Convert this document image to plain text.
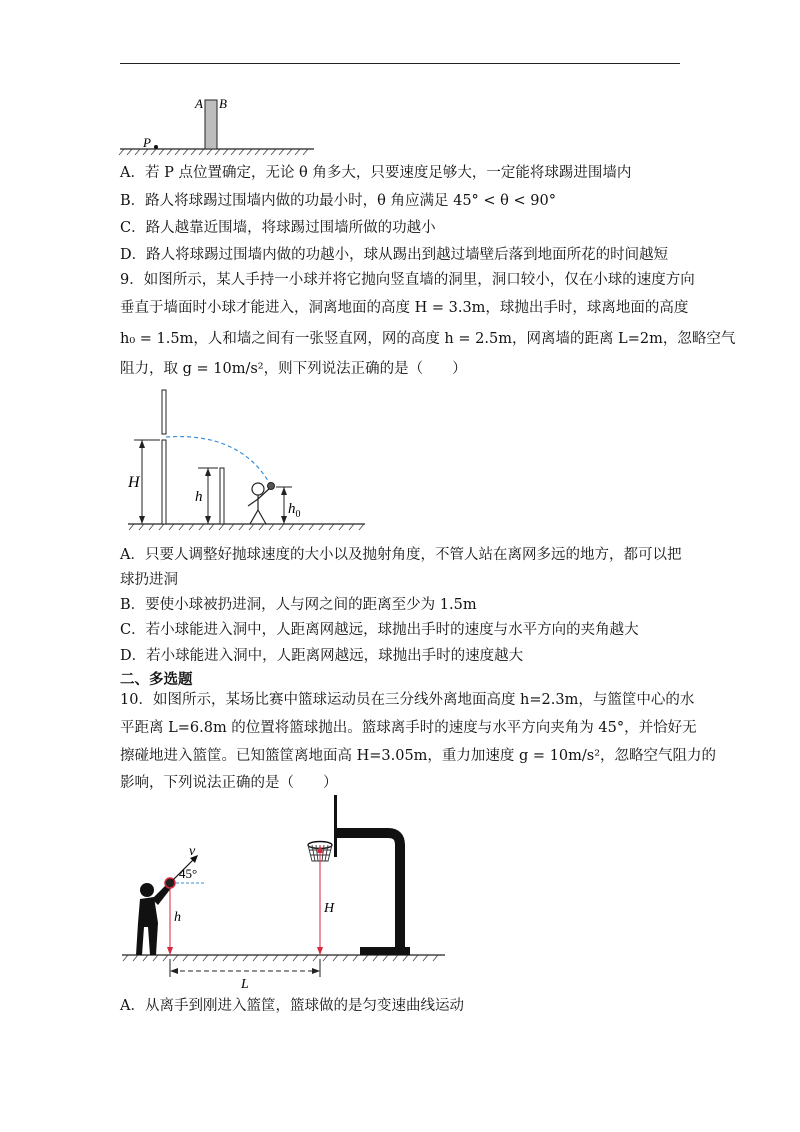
A B
P
A．若 P 点位置确定，无论 θ 角多大，只要速度足够大，一定能将球踢进围墙内
B．路人将球踢过围墙内做的功最小时，θ 角应满足 45° < θ < 90°
C．路人越靠近围墙，将球踢过围墙所做的功越小
D．路人将球踢过围墙内做的功越小，球从踢出到越过墙壁后落到地面所花的时间越短
9．如图所示，某人手持一小球并将它抛向竖直墙的洞里，洞口较小，仅在小球的速度方向
垂直于墙面时小球才能进入，洞离地面的高度 H = 3.3m，球抛出手时，球离地面的高度
h₀ = 1.5m，人和墙之间有一张竖直网，网的高度 h = 2.5m，网离墙的距离 L=2m，忽略空气
阻力，取 g = 10m/s²，则下列说法正确的是（　　）
H
h
$h_0$
A．只要人调整好抛球速度的大小以及抛射角度，不管人站在离网多远的地方，都可以把
球扔进洞
B．要使小球被扔进洞，人与网之间的距离至少为 1.5m
C．若小球能进入洞中，人距离网越远，球抛出手时的速度与水平方向的夹角越大
D．若小球能进入洞中，人距离网越远，球抛出手时的速度越大
二、多选题
10．如图所示，某场比赛中篮球运动员在三分线外离地面高度 h=2.3m，与篮筐中心的水
平距离 L=6.8m 的位置将篮球抛出。篮球离手时的速度与水平方向夹角为 45°，并恰好无
擦碰地进入篮筐。已知篮筐离地面高 H=3.05m，重力加速度 g = 10m/s²，忽略空气阻力的
影响，下列说法正确的是（　　）
H
v
45°
h
L
A．从离手到刚进入篮筐，篮球做的是匀变速曲线运动
